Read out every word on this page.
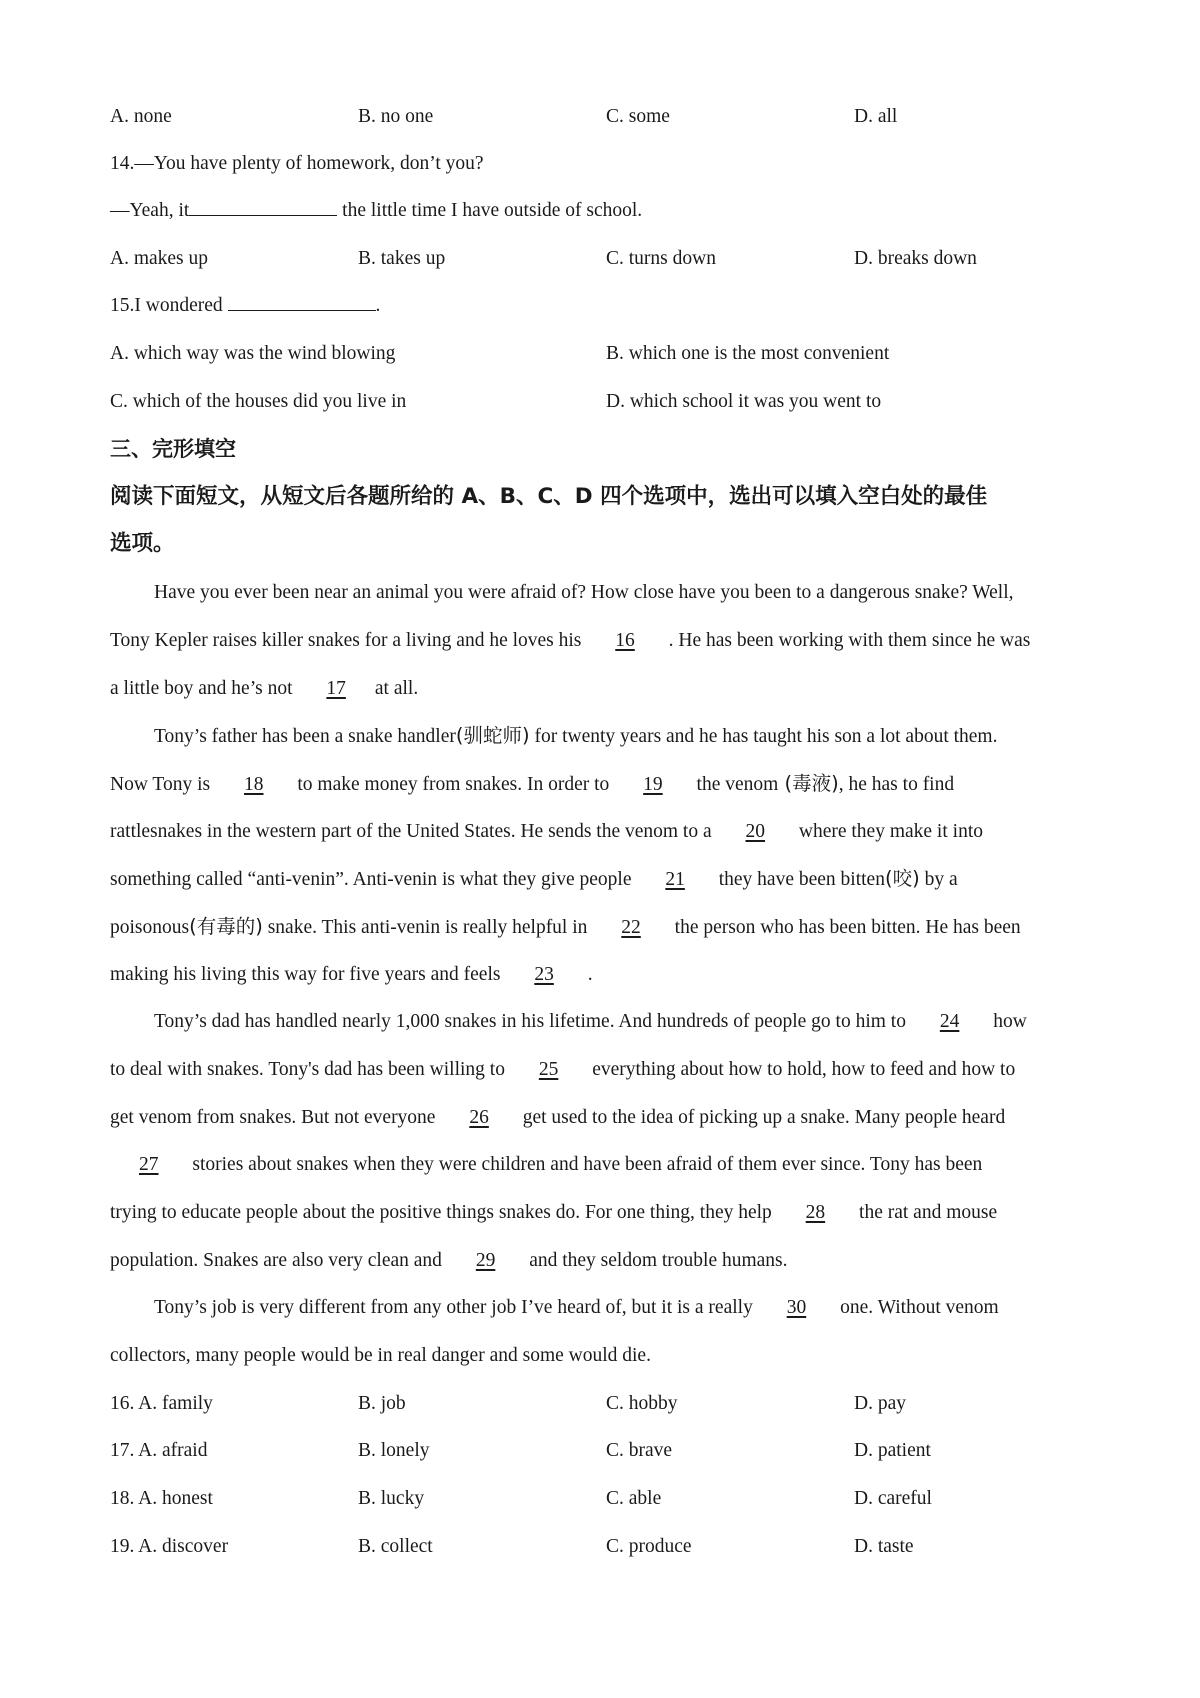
A. none	B. no one	C. some	D. all
14.—You have plenty of homework, don’t you?
—Yeah, it	the little time I have outside of school.
A. makes up	B. takes up	C. turns down	D. breaks down
15.I wondered	.
A. which way was the wind blowing	B. which one is the most convenient
C. which of the houses did you live in	D. which school it was you went to
三、完形填空
阅读下面短文，从短文后各题所给的 A、B、C、D 四个选项中，选出可以填入空白处的最佳
选项。
Have you ever been near an animal you were afraid of? How close have you been to a dangerous snake? Well,
Tony Kepler raises killer snakes for a living and he loves his 16 . He has been working with them since he was
a little boy and he’s not 17 at all.
Tony’s father has been a snake handler(驯蛇师) for twenty years and he has taught his son a lot about them.
Now Tony is 18 to make money from snakes. In order to 19 the venom (毒液), he has to find
rattlesnakes in the western part of the United States. He sends the venom to a 20 where they make it into
something called “anti-venin”. Anti-venin is what they give people 21 they have been bitten(咬) by a
poisonous(有毒的) snake. This anti-venin is really helpful in 22 the person who has been bitten. He has been
making his living this way for five years and feels 23 .
Tony’s dad has handled nearly 1,000 snakes in his lifetime. And hundreds of people go to him to 24 how
to deal with snakes. Tony's dad has been willing to 25 everything about how to hold, how to feed and how to
get venom from snakes. But not everyone 26 get used to the idea of picking up a snake. Many people heard
27 stories about snakes when they were children and have been afraid of them ever since. Tony has been
trying to educate people about the positive things snakes do. For one thing, they help 28 the rat and mouse
population. Snakes are also very clean and 29 and they seldom trouble humans.
Tony’s job is very different from any other job I’ve heard of, but it is a really 30 one. Without venom
collectors, many people would be in real danger and some would die.
16. A. family	B. job	C. hobby	D. pay
17. A. afraid	B. lonely	C. brave	D. patient
18. A. honest	B. lucky	C. able	D. careful
19. A. discover	B. collect	C. produce	D. taste
